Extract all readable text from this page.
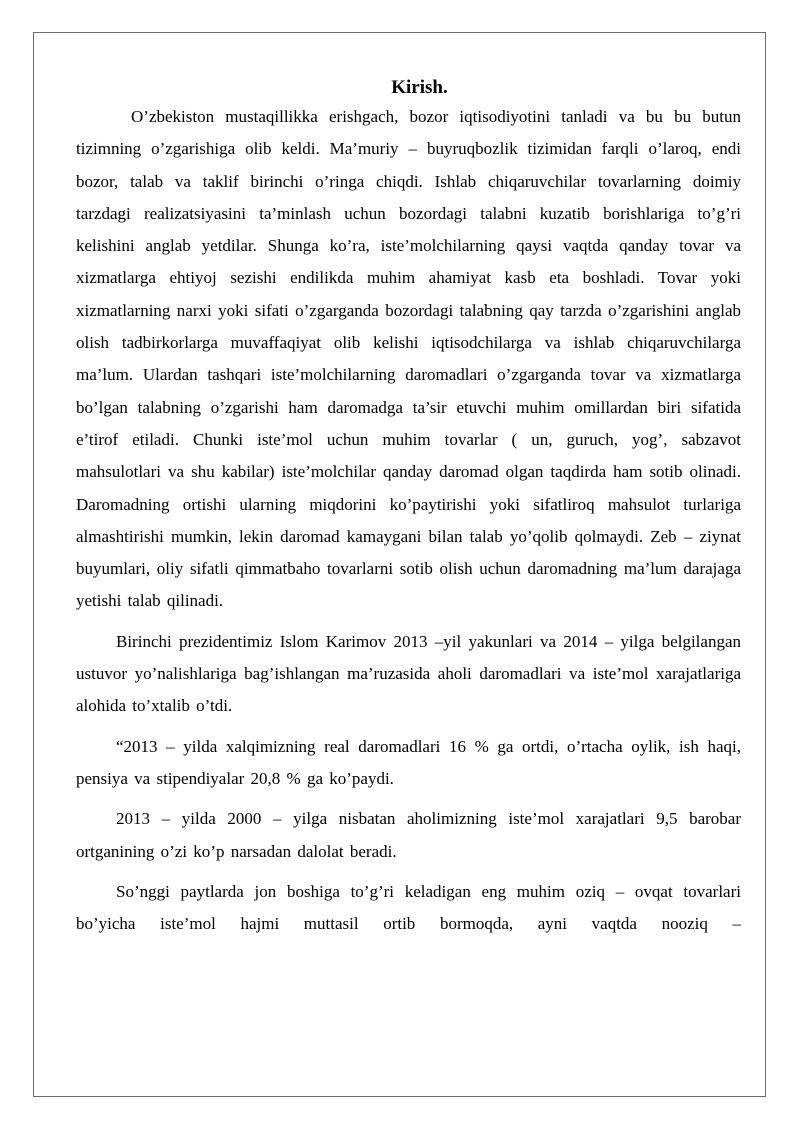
Kirish.

O’zbekiston mustaqillikka erishgach, bozor iqtisodiyotini tanladi va bu bu butun tizimning o’zgarishiga olib keldi. Ma’muriy – buyruqbozlik tizimidan farqli o’laroq, endi bozor, talab va taklif birinchi o’ringa chiqdi. Ishlab chiqaruvchilar tovarlarning doimiy tarzdagi realizatsiyasini ta’minlash uchun bozordagi talabni kuzatib borishlariga to’g’ri kelishini anglab yetdilar. Shunga ko’ra, iste’molchilarning qaysi vaqtda qanday tovar va xizmatlarga ehtiyoj sezishi endilikda muhim ahamiyat kasb eta boshladi. Tovar yoki xizmatlarning narxi yoki sifati o’zgarganda bozordagi talabning qay tarzda o’zgarishini anglab olish tadbirkorlarga muvaffaqiyat olib kelishi iqtisodchilarga va ishlab chiqaruvchilarga ma’lum. Ulardan tashqari iste’molchilarning daromadlari o’zgarganda tovar va xizmatlarga bo’lgan talabning o’zgarishi ham daromadga ta’sir etuvchi muhim omillardan biri sifatida e’tirof etiladi. Chunki iste’mol uchun muhim tovarlar ( un, guruch, yog’, sabzavot mahsulotlari va shu kabilar) iste’molchilar qanday daromad olgan taqdirda ham sotib olinadi. Daromadning ortishi ularning miqdorini ko’paytirishi yoki sifatliroq mahsulot turlariga almashtirishi mumkin, lekin daromad kamaygani bilan talab yo’qolib qolmaydi. Zeb – ziynat buyumlari, oliy sifatli qimmatbaho tovarlarni sotib olish uchun daromadning ma’lum darajaga yetishi talab qilinadi.

Birinchi prezidentimiz Islom Karimov 2013 –yil yakunlari va 2014 – yilga belgilangan ustuvor yo’nalishlariga bag’ishlangan ma’ruzasida aholi daromadlari va iste’mol xarajatlariga alohida to’xtalib o’tdi.

“2013 – yilda xalqimizning real daromadlari 16 % ga ortdi, o’rtacha oylik, ish haqi, pensiya va stipendiyalar 20,8 % ga ko’paydi.

2013 – yilda 2000 – yilga nisbatan aholimizning iste’mol xarajatlari 9,5 barobar ortganining o’zi ko’p narsadan dalolat beradi.

So’nggi paytlarda jon boshiga to’g’ri keladigan eng muhim oziq – ovqat tovarlari bo’yicha iste’mol hajmi muttasil ortib bormoqda, ayni vaqtda nooziq –
